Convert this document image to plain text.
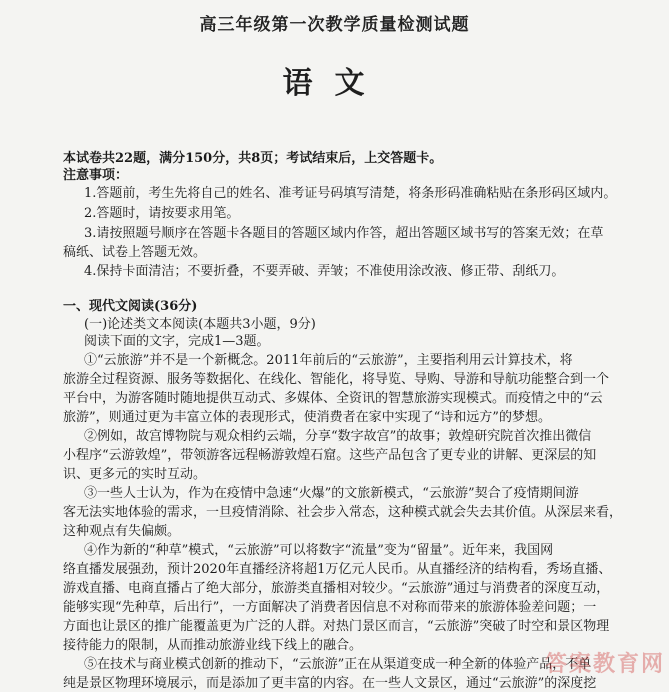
高三年级第一次教学质量检测试题
语文
本试卷共22题，满分150分，共8页；考试结束后，上交答题卡。
注意事项：
1.答题前，考生先将自己的姓名、准考证号码填写清楚，将条形码准确粘贴在条形码区域内。
2.答题时，请按要求用笔。
3.请按照题号顺序在答题卡各题目的答题区域内作答，超出答题区域书写的答案无效；在草
稿纸、试卷上答题无效。
4.保持卡面清洁；不要折叠，不要弄破、弄皱；不准使用涂改液、修正带、刮纸刀。
一、现代文阅读(36分)
(一)论述类文本阅读(本题共3小题，9分)
阅读下面的文字，完成1—3题。
①“云旅游”并不是一个新概念。2011年前后的“云旅游”，主要指利用云计算技术，将
旅游全过程资源、服务等数据化、在线化、智能化，将导览、导购、导游和导航功能整合到一个
平台中，为游客随时随地提供互动式、多媒体、全资讯的智慧旅游实现模式。而疫情之中的“云
旅游”，则通过更为丰富立体的表现形式，使消费者在家中实现了“诗和远方”的梦想。
②例如，故宫博物院与观众相约云端，分享“数字故宫”的故事；敦煌研究院首次推出微信
小程序“云游敦煌”，带领游客远程畅游敦煌石窟。这些产品包含了更专业的讲解、更深层的知
识、更多元的实时互动。
③一些人士认为，作为在疫情中急速“火爆”的文旅新模式，“云旅游”契合了疫情期间游
客无法实地体验的需求，一旦疫情消除、社会步入常态，这种模式就会失去其价值。从深层来看，
这种观点有失偏颇。
④作为新的“种草”模式，“云旅游”可以将数字“流量”变为“留量”。近年来，我国网
络直播发展强劲，预计2020年直播经济将超1万亿元人民币。从直播经济的结构看，秀场直播、
游戏直播、电商直播占了绝大部分，旅游类直播相对较少。“云旅游”通过与消费者的深度互动，
能够实现“先种草，后出行”，一方面解决了消费者因信息不对称而带来的旅游体验差问题；一
方面也让景区的推广能覆盖更为广泛的人群。对热门景区而言，“云旅游”突破了时空和景区物理
接待能力的限制，从而推动旅游业线下线上的融合。
⑤在技术与商业模式创新的推动下，“云旅游”正在从渠道变成一种全新的体验产品，不单
纯是景区物理环境展示，而是添加了更丰富的内容。在一些人文景区，通过“云旅游”的深度挖
答案教育网
